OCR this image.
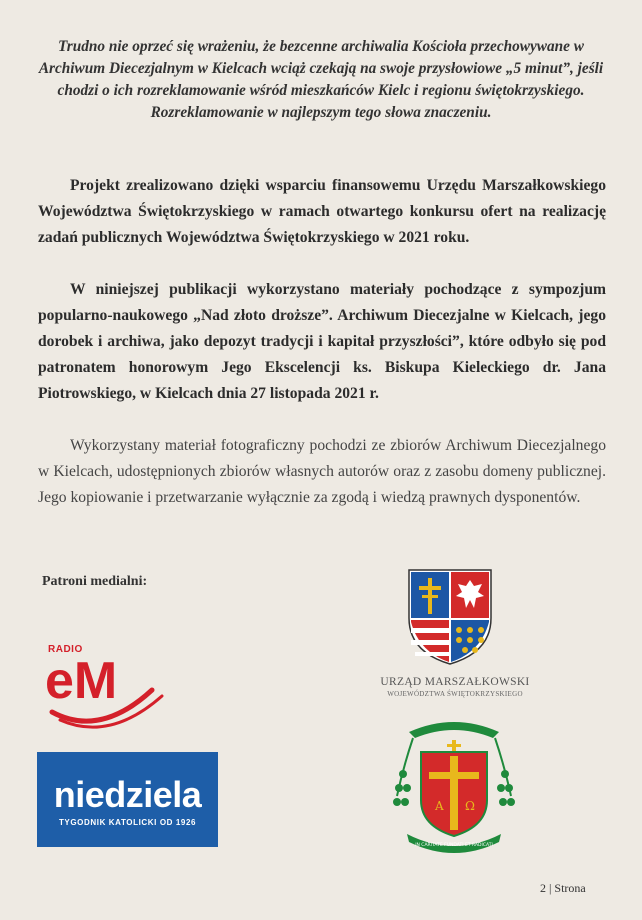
Trudno nie oprzeć się wrażeniu, że bezcenne archiwalia Kościoła przechowywane w Archiwum Diecezjalnym w Kielcach wciąż czekają na swoje przysłowiowe „5 minut”, jeśli chodzi o ich rozreklamowanie wśród mieszkańców Kielc i regionu świętokrzyskiego. Rozreklamowanie w najlepszym tego słowa znaczeniu.

Projekt zrealizowano dzięki wsparciu finansowemu Urzędu Marszałkowskiego Województwa Świętokrzyskiego w ramach otwartego konkursu ofert na realizację zadań publicznych Województwa Świętokrzyskiego w 2021 roku.

W niniejszej publikacji wykorzystano materiały pochodzące z sympozjum popularno-naukowego „Nad złoto droższe”. Archiwum Diecezjalne w Kielcach, jego dorobek i archiwa, jako depozyt tradycji i kapitał przyszłości”, które odbyło się pod patronatem honorowym Jego Ekscelencji ks. Biskupa Kieleckiego dr. Jana Piotrowskiego, w Kielcach dnia 27 listopada 2021 r.

Wykorzystany materiał fotograficzny pochodzi ze zbiorów Archiwum Diecezjalnego w Kielcach, udostępnionych zbiorów własnych autorów oraz z zasobu domeny publicznej. Jego kopiowanie i przetwarzanie wyłącznie za zgodą i wiedzą prawnych dysponentów.

Patroni medialni:
eM
RADIO
niedziela
TYGODNIK KATOLICKI OD 1926
URZĄD MARSZAŁKOWSKI
WOJEWÓDZTWA ŚWIĘTOKRZYSKIEGO
A Ω
IN CARITATE FUNDATI ET RADICATI
2 | Strona
